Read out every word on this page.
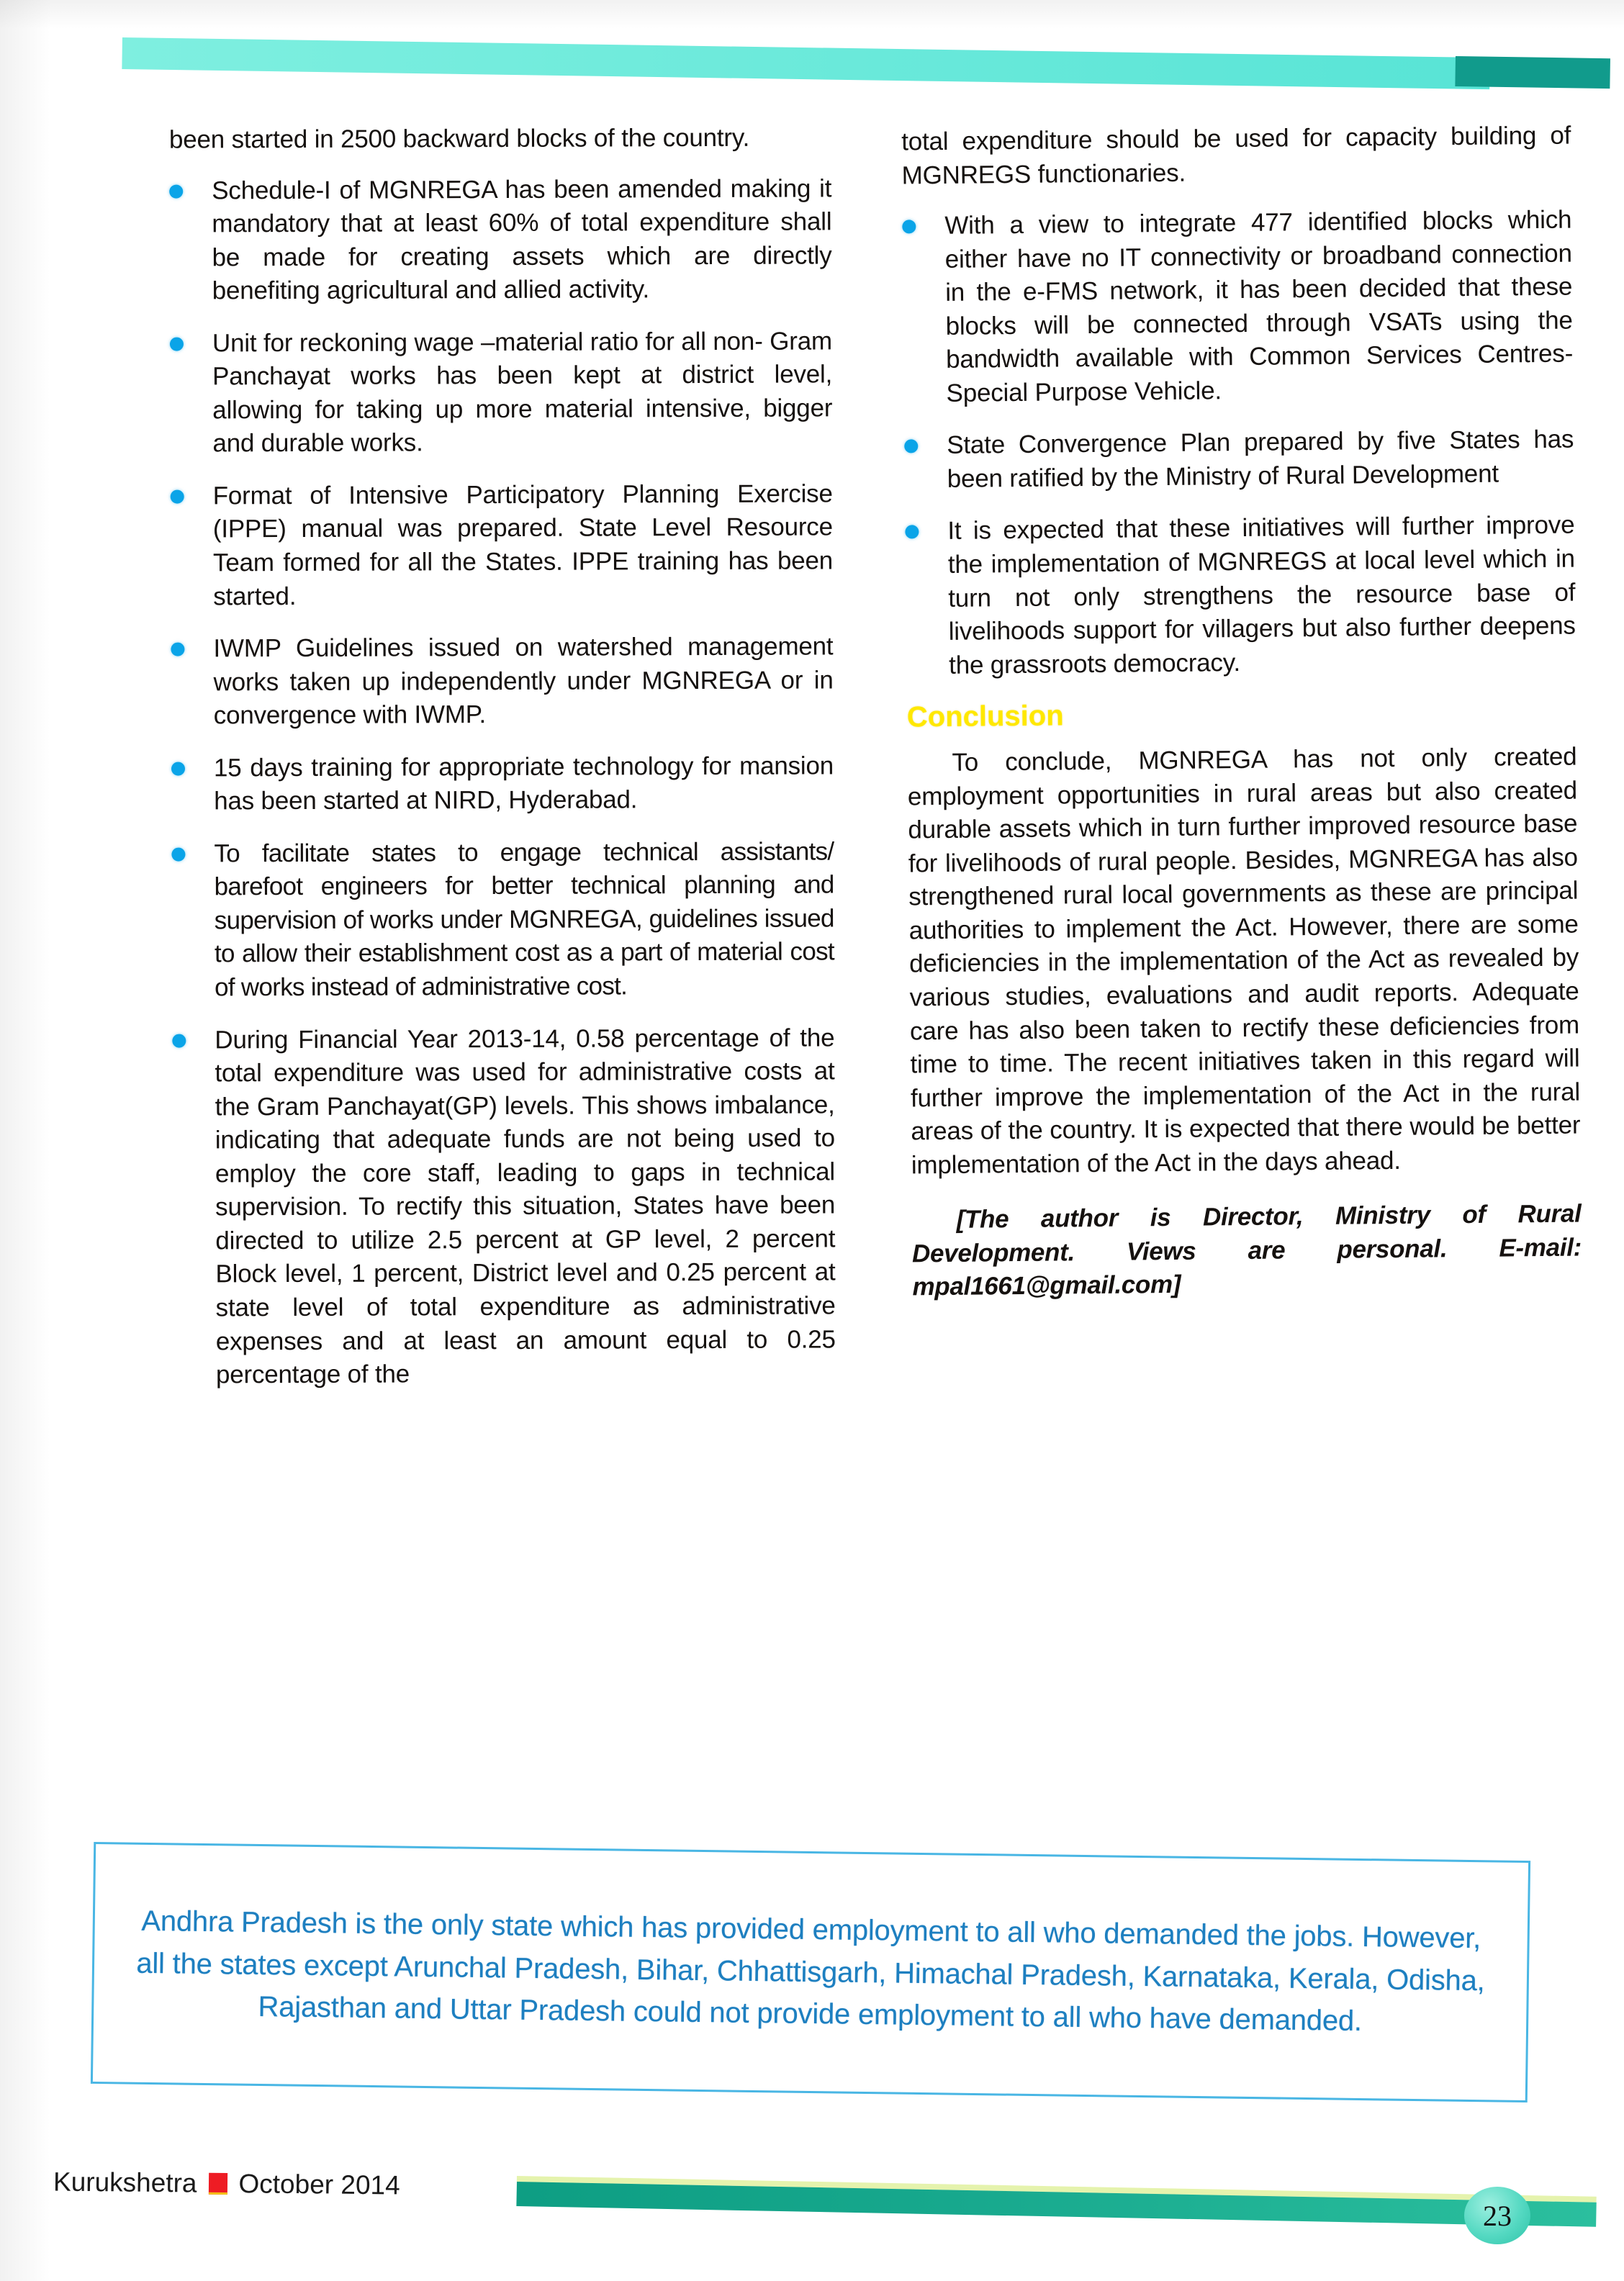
been started in 2500 backward blocks of the country.

Schedule-I of MGNREGA has been amended making it mandatory that at least 60% of total expenditure shall be made for creating assets which are directly benefiting agricultural and allied activity.
Unit for reckoning wage –material ratio for all non- Gram Panchayat works has been kept at district level, allowing for taking up more material intensive, bigger and durable works.
Format of Intensive Participatory Planning Exercise (IPPE) manual was prepared. State Level Resource Team formed for all the States. IPPE training has been started.
IWMP Guidelines issued on watershed management works taken up independently under MGNREGA or in convergence with IWMP.
15 days training for appropriate technology for mansion has been started at NIRD, Hyderabad.
To facilitate states to engage technical assistants/ barefoot engineers for better technical planning and supervision of works under MGNREGA, guidelines issued to allow their establishment cost as a part of material cost of works instead of administrative cost.
During Financial Year 2013-14, 0.58 percentage of the total expenditure was used for administrative costs at the Gram Panchayat(GP) levels. This shows imbalance, indicating that adequate funds are not being used to employ the core staff, leading to gaps in technical supervision. To rectify this situation, States have been directed to utilize 2.5 percent at GP level, 2 percent Block level, 1 percent, District level and 0.25 percent at state level of total expenditure as administrative expenses and at least an amount equal to 0.25 percentage of the

total expenditure should be used for capacity building of MGNREGS functionaries.

With a view to integrate 477 identified blocks which either have no IT connectivity or broadband connection in the e-FMS network, it has been decided that these blocks will be connected through VSATs using the bandwidth available with Common Services Centres- Special Purpose Vehicle.
State Convergence Plan prepared by five States has been ratified by the Ministry of Rural Development
It is expected that these initiatives will further improve the implementation of MGNREGS at local level which in turn not only strengthens the resource base of livelihoods support for villagers but also further deepens the grassroots democracy.
Conclusion

To conclude, MGNREGA has not only created employment opportunities in rural areas but also created durable assets which in turn further improved resource base for livelihoods of rural people. Besides, MGNREGA has also strengthened rural local governments as these are principal authorities to implement the Act. However, there are some deficiencies in the implementation of the Act as revealed by various studies, evaluations and audit reports. Adequate care has also been taken to rectify these deficiencies from time to time. The recent initiatives taken in this regard will further improve the implementation of the Act in the rural areas of the country. It is expected that there would be better implementation of the Act in the days ahead.

[The author is Director, Ministry of Rural Development. Views are personal. E-mail: mpal1661@gmail.com]

Andhra Pradesh is the only state which has provided employment to all who demanded the jobs. However, all the states except Arunchal Pradesh, Bihar, Chhattisgarh, Himachal Pradesh, Karnataka, Kerala, Odisha, Rajasthan and Uttar Pradesh could not provide employment to all who have demanded.
Kurukshetra October 2014
23
